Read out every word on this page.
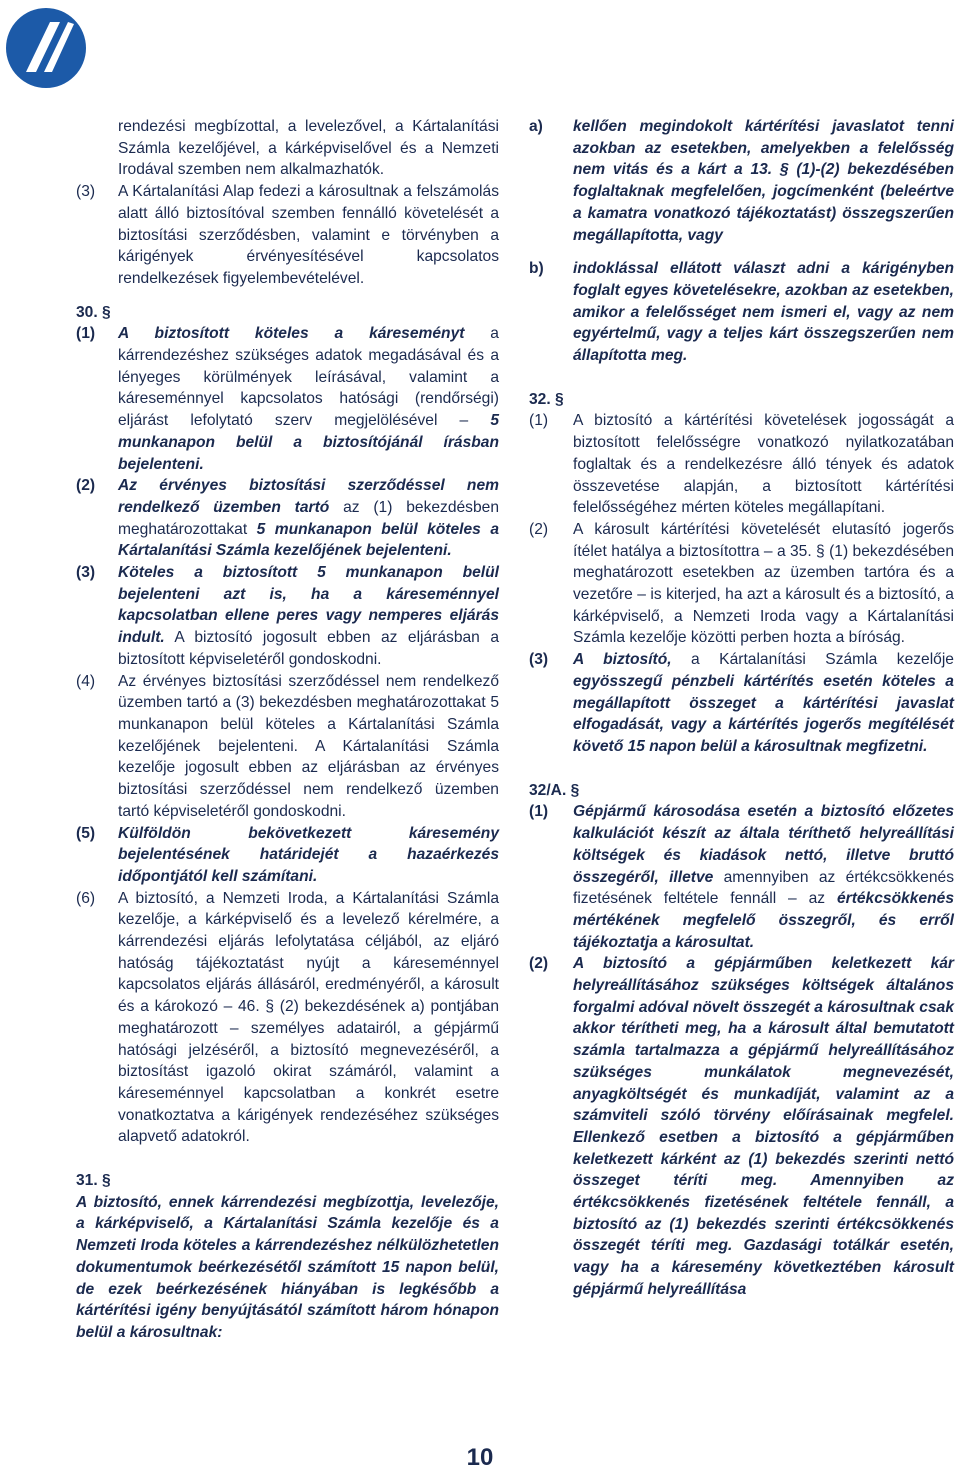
rendezési megbízottal, a levelezővel, a Kártalanítási Számla kezelőjével, a kárképviselővel és a Nemzeti Irodával szemben nem alkalmazhatók.
(3)	A Kártalanítási Alap fedezi a károsultnak a felszámolás alatt álló biztosítóval szemben fennálló követelését a biztosítási szerződésben, valamint e törvényben a kárigények érvényesítésével kapcsolatos rendelkezések figyelembevételével.
30. §
(1)	A biztosított köteles a káreseményt a kárrendezéshez szükséges adatok megadásával és a lényeges körülmények leírásával, valamint a káreseménnyel kapcsolatos hatósági (rendőrségi) eljárást lefolytató szerv megjelölésével – 5 munkanapon belül a biztosítójánál írásban bejelenteni.
(2)	Az érvényes biztosítási szerződéssel nem rendelkező üzemben tartó az (1) bekezdésben meghatározottakat 5 munkanapon belül köteles a Kártalanítási Számla kezelőjének bejelenteni.
(3)	Köteles a biztosított 5 munkanapon belül bejelenteni azt is, ha a káreseménnyel kapcsolatban ellene peres vagy nemperes eljárás indult. A biztosító jogosult ebben az eljárásban a biztosított képviseletéről gondoskodni.
(4)	Az érvényes biztosítási szerződéssel nem rendelkező üzemben tartó a (3) bekezdésben meghatározottakat 5 munkanapon belül köteles a Kártalanítási Számla kezelőjének bejelenteni. A Kártalanítási Számla kezelője jogosult ebben az eljárásban az érvényes biztosítási szerződéssel nem rendelkező üzemben tartó képviseletéről gondoskodni.
(5)	Külföldön bekövetkezett káresemény bejelentésének határidejét a hazaérkezés időpontjától kell számítani.
(6)	A biztosító, a Nemzeti Iroda, a Kártalanítási Számla kezelője, a kárképviselő és a levelező kérelmére, a kárrendezési eljárás lefolytatása céljából, az eljáró hatóság tájékoztatást nyújt a káreseménnyel kapcsolatos eljárás állásáról, eredményéről, a károsult és a károkozó – 46. § (2) bekezdésének a) pontjában meghatározott – személyes adatairól, a gépjármű hatósági jelzéséről, a biztosító megnevezéséről, a biztosítást igazoló okirat számáról, valamint a káreseménnyel kapcsolatban a konkrét esetre vonatkoztatva a kárigények rendezéséhez szükséges alapvető adatokról.
31. §
A biztosító, ennek kárrendezési megbízottja, levelezője, a kárképviselő, a Kártalanítási Számla kezelője és a Nemzeti Iroda köteles a kárrendezéshez nélkülözhetetlen dokumentumok beérkezésétől számított 15 napon belül, de ezek beérkezésének hiányában is legkésőbb a kártérítési igény benyújtásától számított három hónapon belül a károsultnak:
a)	kellően megindokolt kártérítési javaslatot tenni azokban az esetekben, amelyekben a felelősség nem vitás és a kárt a 13. § (1)-(2) bekezdésében foglaltaknak megfelelően, jogcímenként (beleértve a kamatra vonatkozó tájékoztatást) összegszerűen megállapította, vagy
b)	indoklással ellátott választ adni a kárigényben foglalt egyes követelésekre, azokban az esetekben, amikor a felelősséget nem ismeri el, vagy az nem egyértelmű, vagy a teljes kárt összegszerűen nem állapította meg.
32. §
(1)	A biztosító a kártérítési követelések jogosságát a biztosított felelősségre vonatkozó nyilatkozatában foglaltak és a rendelkezésre álló tények és adatok összevetése alapján, a biztosított kártérítési felelősségéhez mérten köteles megállapítani.
(2)	A károsult kártérítési követelését elutasító jogerős ítélet hatálya a biztosítottra – a 35. § (1) bekezdésében meghatározott esetekben az üzemben tartóra és a vezetőre – is kiterjed, ha azt a károsult és a biztosító, a kárképviselő, a Nemzeti Iroda vagy a Kártalanítási Számla kezelője közötti perben hozta a bíróság.
(3)	A biztosító, a Kártalanítási Számla kezelője egyösszegű pénzbeli kártérítés esetén köteles a megállapított összeget a kártérítési javaslat elfogadását, vagy a kártérítés jogerős megítélését követő 15 napon belül a károsultnak megfizetni.
32/A. §
(1)	Gépjármű károsodása esetén a biztosító előzetes kalkulációt készít az általa téríthető helyreállítási költségek és kiadások nettó, illetve bruttó összegéről, illetve amennyiben az értékcsökkenés fizetésének feltétele fennáll – az értékcsökkenés mértékének megfelelő összegről, és erről tájékoztatja a károsultat.
(2)	A biztosító a gépjárműben keletkezett kár helyreállításához szükséges költségek általános forgalmi adóval növelt összegét a károsultnak csak akkor térítheti meg, ha a károsult által bemutatott számla tartalmazza a gépjármű helyreállításához szükséges munkálatok megnevezését, anyagköltségét és munkadíját, valamint az a számviteli szóló törvény előírásainak megfelel. Ellenkező esetben a biztosító a gépjárműben keletkezett kárként az (1) bekezdés szerinti nettó összeget téríti meg. Amennyiben az értékcsökkenés fizetésének feltétele fennáll, a biztosító az (1) bekezdés szerinti értékcsökkenés összegét téríti meg. Gazdasági totálkár esetén, vagy ha a káresemény következtében károsult gépjármű helyreállítása
10
